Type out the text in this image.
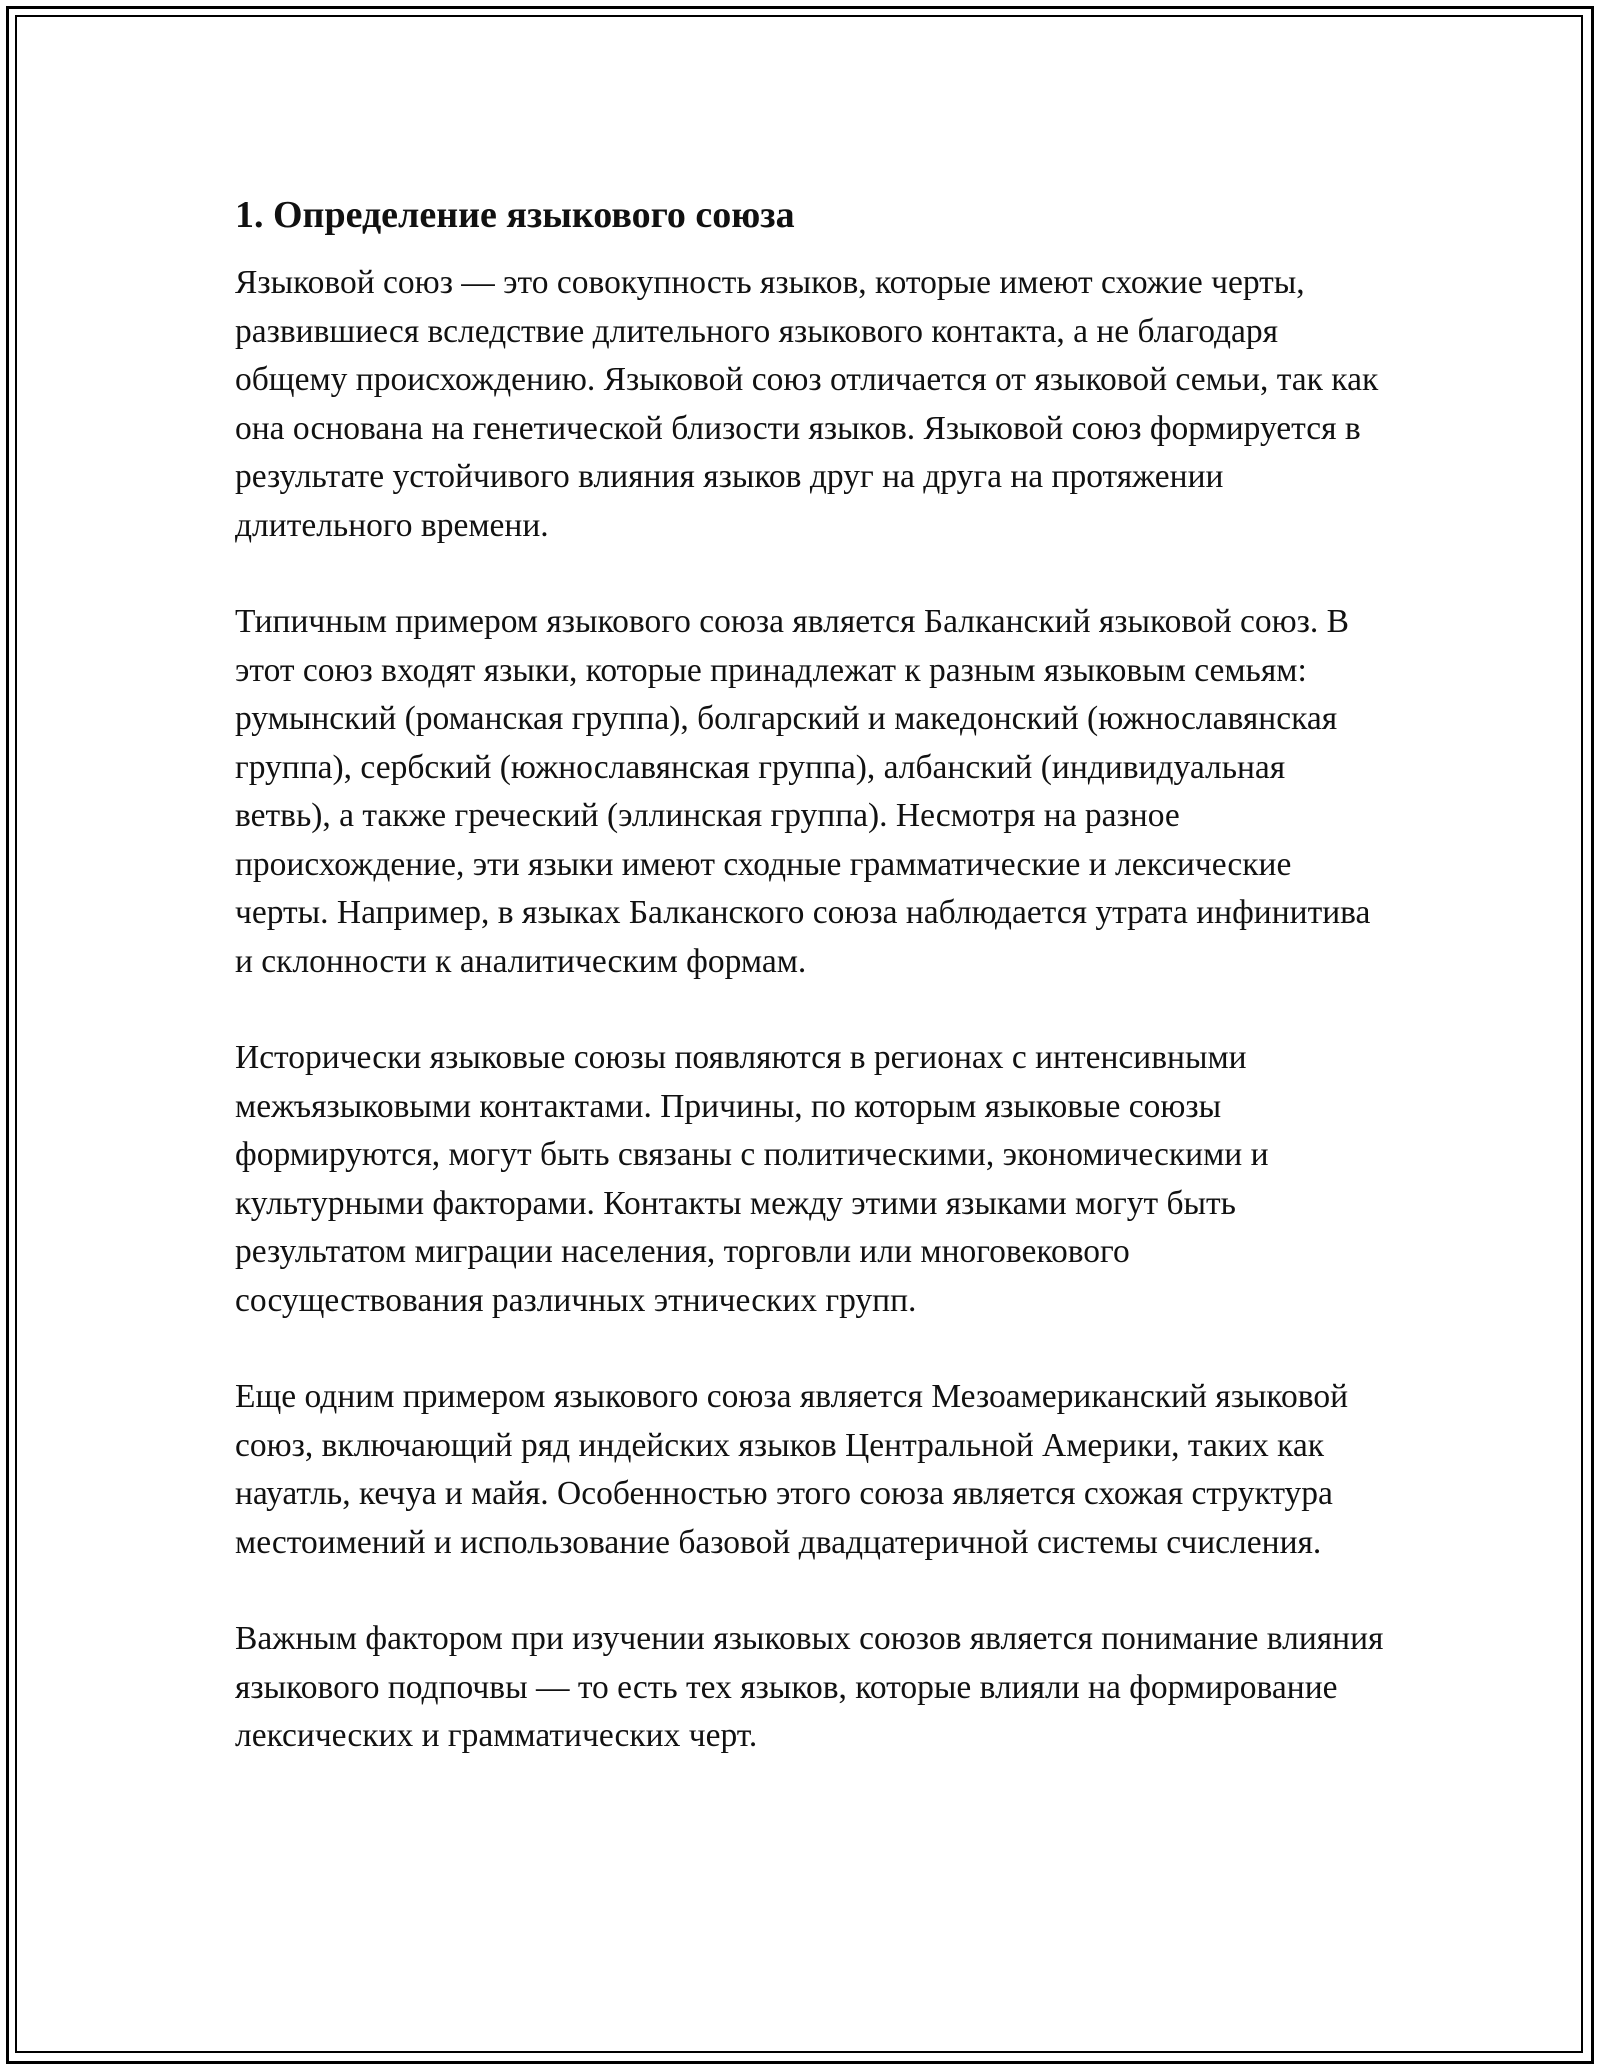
1. Определение языкового союза

Языковой союз — это совокупность языков, которые имеют схожие черты, развившиеся вследствие длительного языкового контакта, а не благодаря общему происхождению. Языковой союз отличается от языковой семьи, так как она основана на генетической близости языков. Языковой союз формируется в результате устойчивого влияния языков друг на друга на протяжении длительного времени.

Типичным примером языкового союза является Балканский языковой союз. В этот союз входят языки, которые принадлежат к разным языковым семьям: румынский (романская группа), болгарский и македонский (южнославянская группа), сербский (южнославянская группа), албанский (индивидуальная ветвь), а также греческий (эллинская группа). Несмотря на разное происхождение, эти языки имеют сходные грамматические и лексические черты. Например, в языках Балканского союза наблюдается утрата инфинитива и склонности к аналитическим формам.

Исторически языковые союзы появляются в регионах с интенсивными межъязыковыми контактами. Причины, по которым языковые союзы формируются, могут быть связаны с политическими, экономическими и культурными факторами. Контакты между этими языками могут быть результатом миграции населения, торговли или многовекового сосуществования различных этнических групп.

Еще одним примером языкового союза является Мезоамериканский языковой союз, включающий ряд индейских языков Центральной Америки, таких как науатль, кечуа и майя. Особенностью этого союза является схожая структура местоимений и использование базовой двадцатеричной системы счисления.

Важным фактором при изучении языковых союзов является понимание влияния языкового подпочвы — то есть тех языков, которые влияли на формирование лексических и грамматических черт.
